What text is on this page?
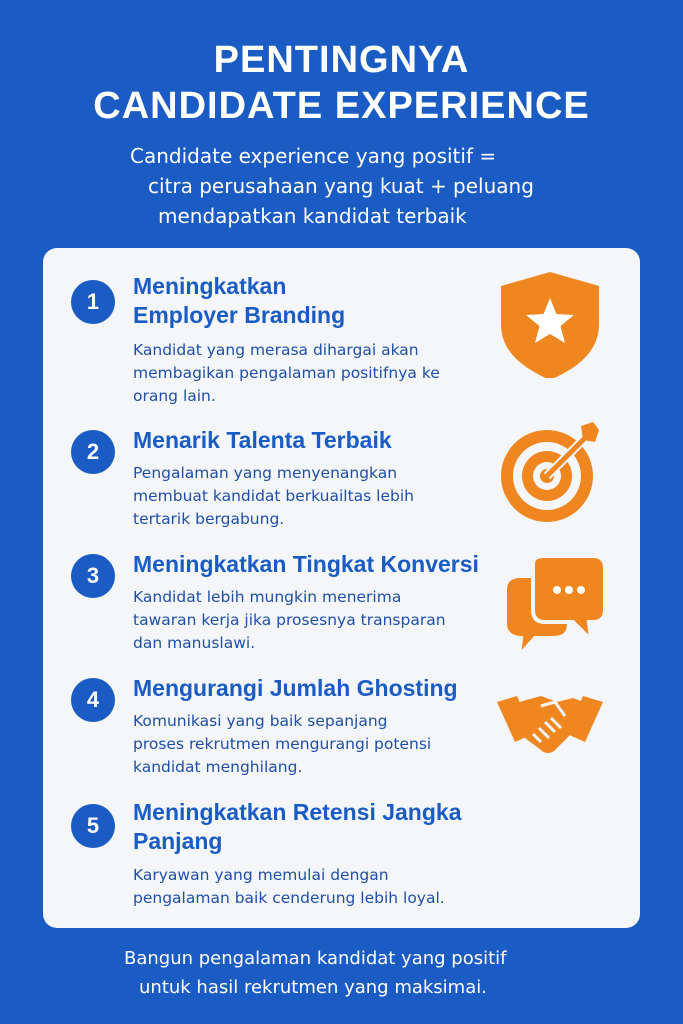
PENTINGNYA
CANDIDATE EXPERIENCE
Candidate experience yang positif =
citra perusahaan yang kuat + peluang
mendapatkan kandidat terbaik
1

Meningkatkan
Employer Branding

Kandidat yang merasa dihargai akan
membagikan pengalaman positifnya ke
orang lain.

2	Menarik Talenta Terbaik

Pengalaman yang menyenangkan
membuat kandidat berkuailtas lebih
tertarik bergabung.

3	Meningkatkan Tingkat Konversi

Kandidat lebih mungkin menerima
tawaran kerja jika prosesnya transparan
dan manuslawi.

4	Mengurangi Jumlah Ghosting

Komunikasi yang baik sepanjang
proses rekrutmen mengurangi potensi
kandidat menghilang.

5

Meningkatkan Retensi Jangka
Panjang

Karyawan yang memulai dengan
pengalaman baik cenderung lebih loyal.

Bangun pengalaman kandidat yang positif
untuk hasil rekrutmen yang maksimai.
